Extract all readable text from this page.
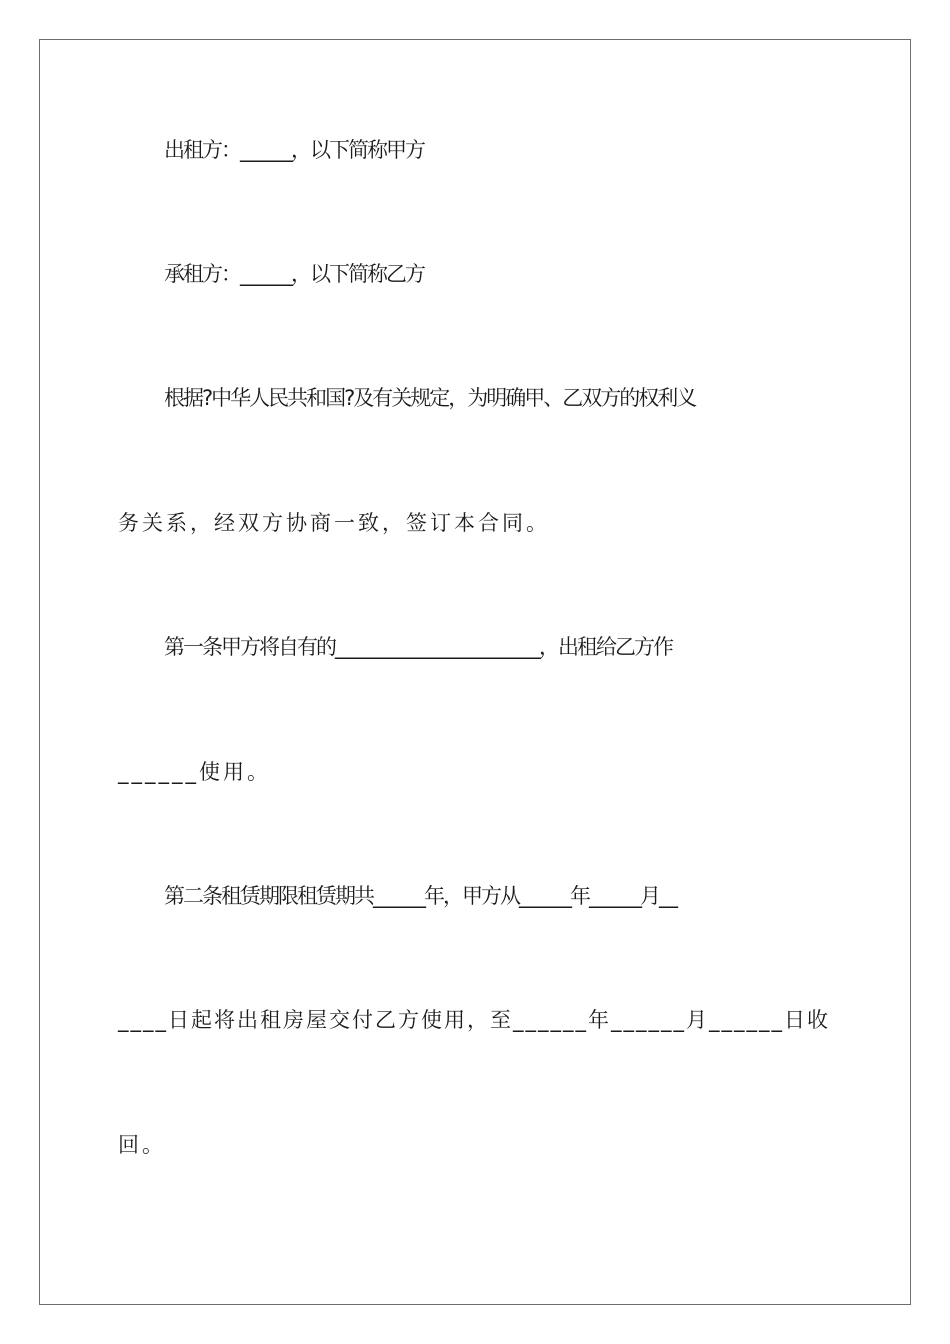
出租方：______，以下简称甲方
承租方：______，以下简称乙方
根据?中华人民共和国?及有关规定，为明确甲、乙双方的权利义
务关系，经双方协商一致，签订本合同。
第一条甲方将自有的________________________，出租给乙方作
______使用。
第二条租赁期限租赁期共______年，甲方从______年______月__
____日起将出租房屋交付乙方使用，至______年______月______日收
回。
